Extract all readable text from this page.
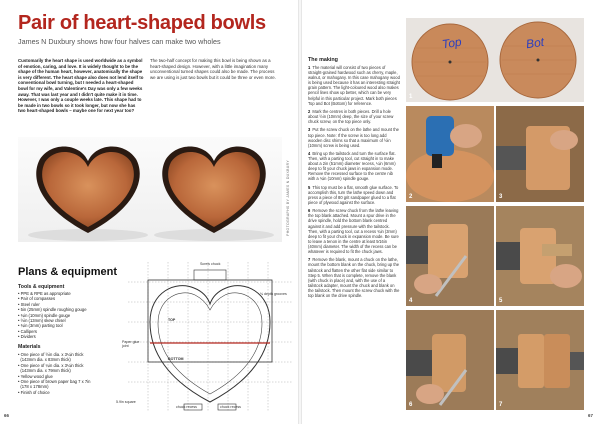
Pair of heart-shaped bowls
James N Duxbury shows how four halves can make two wholes

Customarily the heart shape is used worldwide as a symbol of emotion, caring, and love. It is widely thought to be the shape of the human heart, however, anatomically the shape is very different. The heart shape also does not lend itself to conventional bowl turning, but I needed a heart-shaped bowl for my wife, and Valentine's Day was only a few weeks away. That was last year and I didn't quite make it in time. However, I was only a couple weeks late. This shape had to be made in two bowls so it took longer, but now she has two heart-shaped bowls – maybe one for next year too?

The two-half concept for making this bowl is being shown as a heart-shaped design. However, with a little imagination many unconventional turned shapes could also be made. The process we are using is just two bowls but it could be three or even more.

PHOTOGRAPHS BY JAMES N DUXBURY
Plans & equipment
Tools & equipment
• PPE & RPE as appropriate
• Pair of compasses
• Steel ruler
• 5in (25mm) spindle roughing gouge
• ¾in (10mm) spindle gouge
• ½in (13mm) skew chisel
• ¾in (3mm) parting tool
• Callipers
• Dividers
Materials
• One piece of ½in dia. x 3¼in thick
(143mm dia. x 83mm thick)
• One piece of ¼in dia. x 3¼in thick
(143mm dia. x 79mm thick)
• Yellow wood glue
• One piece of brown paper bag 7 x 7in
(178 x 178mm)
• Finish of choice
Screw chuck
¾ depth grooves
TOP
BOTTOM
Paper glue joint
5.9in square
chuck recess	chuck recess
66
The making

1 The material will consist of two pieces of straight-grained hardwood such as cherry, maple, walnut, or mahogany. In this case mahogany wood is being used because it has an interesting straight grain pattern. The light-coloured wood also makes pencil lines show up better, which can be very helpful in this particular project. Mark both pieces Top and Bot (Bottom) for reference.

2 Mark the centres in both pieces. Drill a hole about ½in (10mm) deep, the size of your screw chuck screw, on the top piece only.

3 Put the screw chuck on the lathe and mount the top piece. Note: If the screw is too long add wooden disc shims so that a maximum of ½in (10mm) screw is being used.

4 Bring up the tailstock and turn the surface flat. Then, with a parting tool, cut straight in to make about a 2in (51mm) diameter recess, ¼in (6mm) deep to fit your chuck jaws in expansion mode. Remove the recessed surface to the centre nib with a ¾in (10mm) spindle gouge.

5 This top must be a flat, smooth glue surface. To accomplish this, turn the lathe speed down and press a piece of 80 grit sandpaper glued to a flat piece of plywood against the surface.

6 Remove the screw chuck from the lathe leaving the top blank attached. Mount a spur drive in the drive spindle, hold the bottom blank centred against it and add pressure with the tailstock. Then, with a parting tool, cut a recess ¾in (3mm) deep to fit your chuck in expansion mode. Be sure to leave a tenon in the centre at least 5⁄16in (40mm) diameter. The width of the recess can be whatever is required to fit the chuck jaws.

7 Remove the blank, mount a chuck on the lathe, mount the bottom blank on the chuck, bring up the tailstock and flatten the other flat side similar to Step 5. When that is complete, remove the blank (with chuck in place) and, with the use of a tailstock adapter, mount the chuck and blank on the tailstock. Then mount the screw chuck with the top blank on the drive spindle.

Top	Bot
1
2	3
4	5
6	7
67
